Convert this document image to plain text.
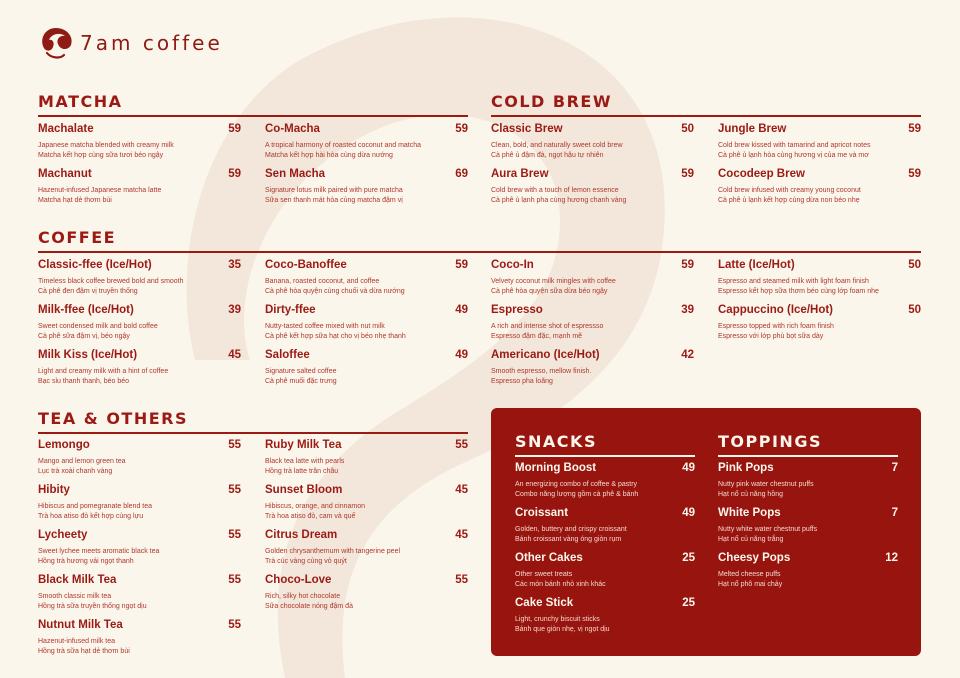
7am coffee
MATCHA
Machalate	59
Japanese matcha blended with creamy milk
Matcha kết hợp cùng sữa tươi béo ngậy
Co-Macha	59
A tropical harmony of roasted coconut and matcha
Matcha kết hợp hài hòa cùng dừa nướng
Machanut	59
Hazenut-infused Japanese matcha latte
Matcha hạt dẻ thơm bùi
Sen Macha	69
Signature lotus milk paired with pure matcha
Sữa sen thanh mát hòa cùng matcha đậm vị
COLD BREW
Classic Brew	50
Clean, bold, and naturally sweet cold brew
Cà phê ủ đậm đà, ngọt hậu tự nhiên
Jungle Brew	59
Cold brew kissed with tamarind and apricot notes
Cà phê ủ lạnh hòa cùng hương vị của me và mơ
Aura Brew	59
Cold brew with a touch of lemon essence
Cà phê ủ lạnh pha cùng hương chanh vàng
Cocodeep Brew	59
Cold brew infused with creamy young coconut
Cà phê ủ lạnh kết hợp cùng dừa non béo nhẹ
COFFEE
Classic-ffee (Ice/Hot)	35
Timeless black coffee brewed bold and smooth
Cà phê đen đậm vị truyền thống
Milk-ffee (Ice/Hot)	39
Sweet condensed milk and bold coffee
Cà phê sữa đậm vị, béo ngậy
Milk Kiss (Ice/Hot)	45
Light and creamy milk with a hint of coffee
Bạc sỉu thanh thanh, béo béo
Coco-Banoffee	59
Banana, roasted coconut, and coffee
Cà phê hòa quyện cùng chuối và dừa nướng
Dirty-ffee	49
Nutty-tasted coffee mixed with nut milk
Cà phê kết hợp sữa hạt cho vị béo nhẹ thanh
Saloffee	49
Signature salted coffee
Cà phê muối đặc trưng
Coco-In	59
Velvety coconut milk mingles with coffee
Cà phê hòa quyện sữa dừa béo ngậy
Espresso	39
A rich and intense shot of espressso
Espresso đậm đặc, mạnh mẽ
Americano (Ice/Hot)	42
Smooth espresso, mellow finish.
Espresso pha loãng
Latte (Ice/Hot)	50
Espresso and steamed milk with light foam finish
Espresso kết hợp sữa thơm béo cùng lớp foam nhẹ
Cappuccino (Ice/Hot)	50
Espresso topped with rich foam finish
Espresso với lớp phủ bọt sữa dày
TEA & OTHERS
Lemongo	55
Mango and lemon green tea
Lục trà xoài chanh vàng
Hibity	55
Hibiscus and pomegranate blend tea
Trà hoa atiso đỏ kết hợp cùng lựu
Lycheety	55
Sweet lychee meets aromatic black tea
Hồng trà hương vải ngọt thanh
Black Milk Tea	55
Smooth classic milk tea
Hồng trà sữa truyền thống ngọt dịu
Nutnut Milk Tea	55
Hazenut-infused milk tea
Hồng trà sữa hạt dẻ thơm bùi
Ruby Milk Tea	55
Black tea latte with pearls
Hồng trà latte trân châu
Sunset Bloom	45
Hibiscus, orange, and cinnamon
Trà hoa atiso đỏ, cam và quế
Citrus Dream	45
Golden chrysanthemum with tangerine peel
Trà cúc vàng cùng vỏ quýt
Choco-Love	55
Rich, silky hot chocolate
Sữa chocolate nóng đậm đà
SNACKS
Morning Boost	49
An energizing combo of coffee & pastry
Combo năng lượng gồm cà phê & bánh
Croissant	49
Golden, buttery and crispy croissant
Bánh croissant vàng óng giòn rụm
Other Cakes	25
Other sweet treats
Các món bánh nhỏ xinh khác
Cake Stick	25
Light, crunchy biscuit sticks
Bánh que giòn nhẹ, vị ngọt dịu
TOPPINGS
Pink Pops	7
Nutty pink water chestnut puffs
Hạt nổ củ năng hồng
White Pops	7
Nutty white water chestnut puffs
Hạt nổ củ năng trắng
Cheesy Pops	12
Melted cheese puffs
Hạt nổ phô mai chảy
